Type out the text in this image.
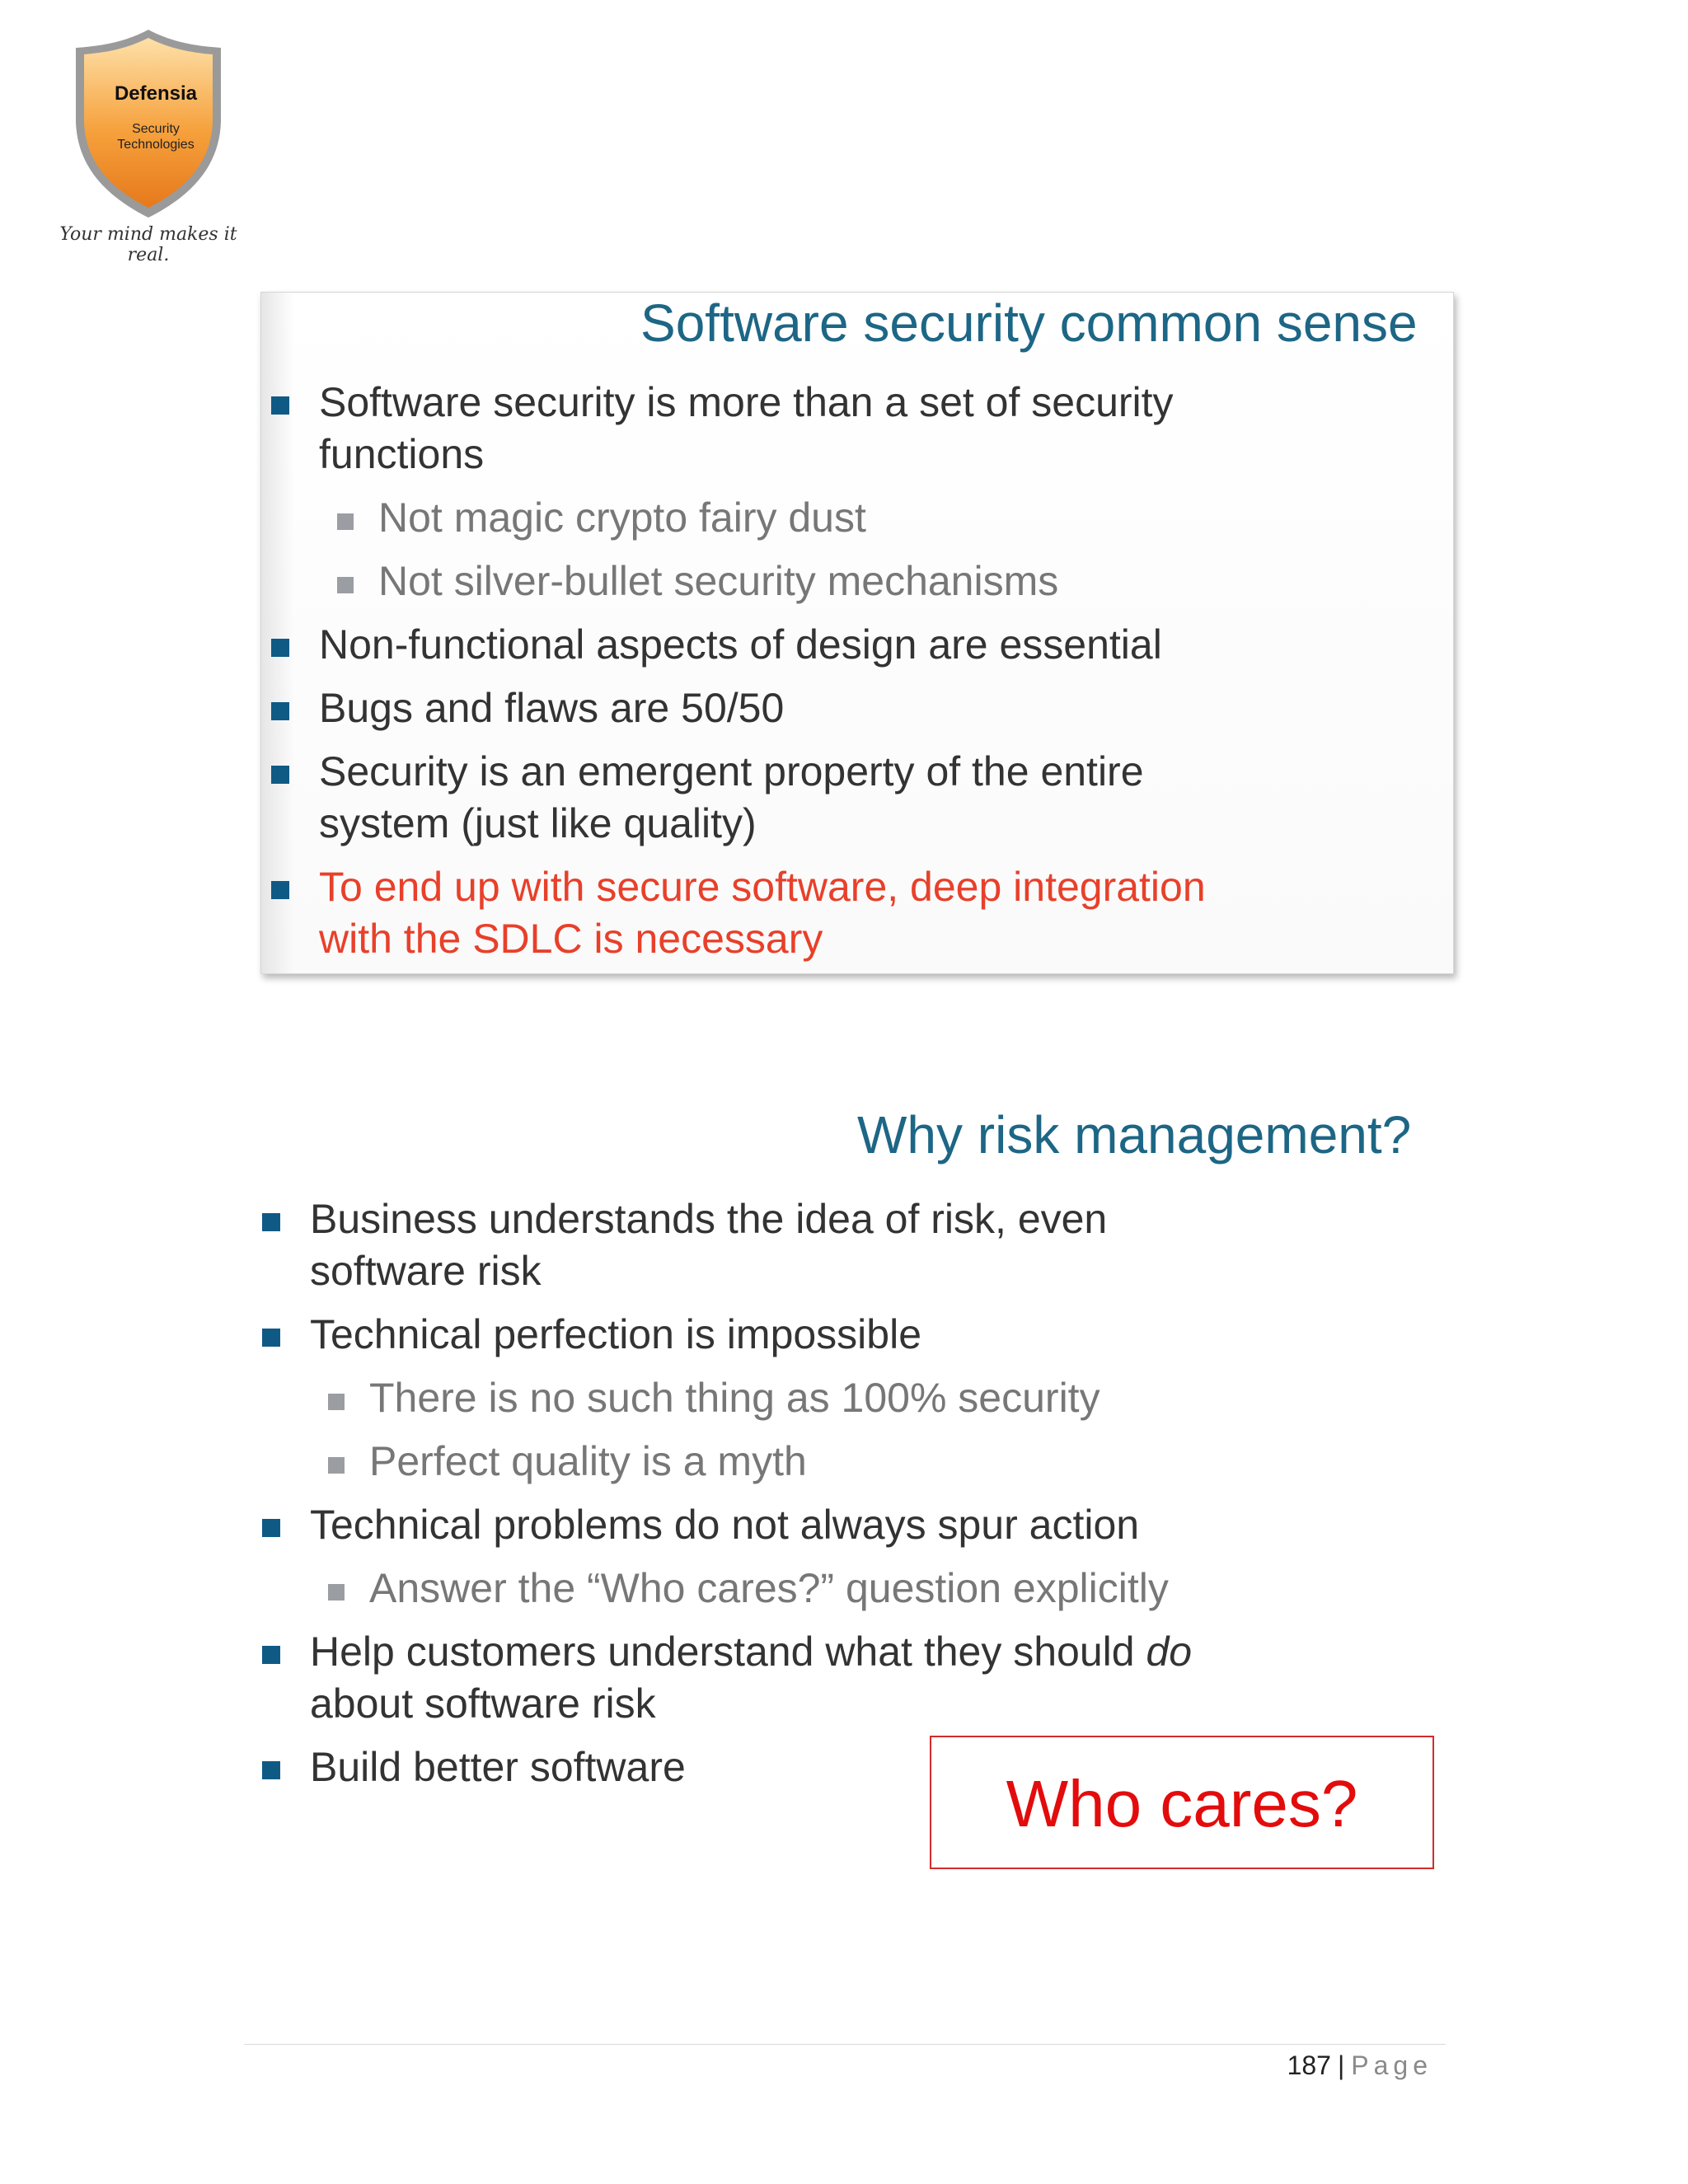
Defensia
Security
Technologies
Your mind makes it real.
Software security common sense
Software security is more than a set of security functions
Not magic crypto fairy dust
Not silver-bullet security mechanisms
Non-functional aspects of design are essential
Bugs and flaws are 50/50
Security is an emergent property of the entire system (just like quality)
To end up with secure software, deep integration with the SDLC is necessary
Why risk management?
Business understands the idea of risk, even software risk
Technical perfection is impossible
There is no such thing as 100% security
Perfect quality is a myth
Technical problems do not always spur action
Answer the “Who cares?” question explicitly
Help customers understand what they should do about software risk
Build better software	Who cares?
187 | Page
